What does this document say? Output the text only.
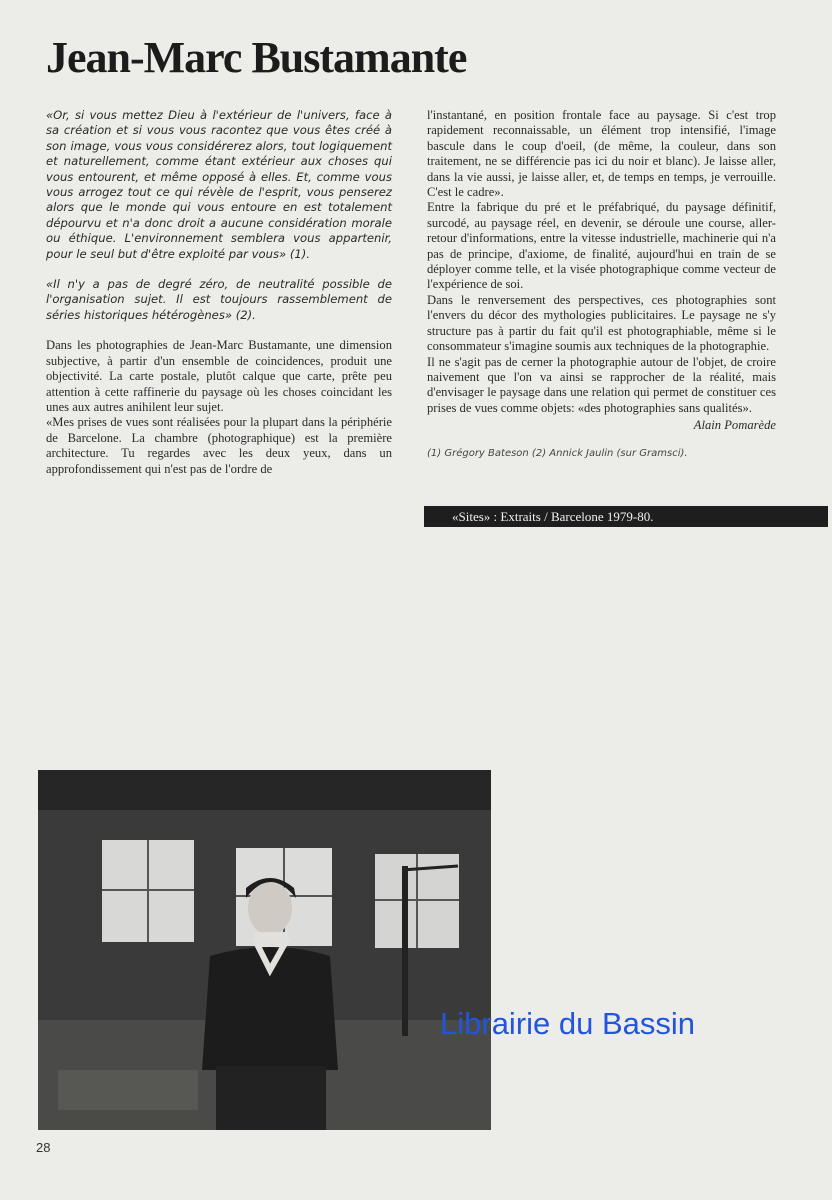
Jean-Marc Bustamante

«Or, si vous mettez Dieu à l'extérieur de l'univers, face à sa création et si vous vous racontez que vous êtes créé à son image, vous vous considérerez alors, tout logiquement et naturellement, comme étant extérieur aux choses qui vous entourent, et même opposé à elles. Et, comme vous vous arrogez tout ce qui révèle de l'esprit, vous penserez alors que le monde qui vous entoure en est totalement dépourvu et n'a donc droit a aucune considération morale ou éthique. L'environnement semblera vous appartenir, pour le seul but d'être exploité par vous» (1).

«Il n'y a pas de degré zéro, de neutralité possible de l'organisation sujet. Il est toujours rassemblement de séries historiques hétérogènes» (2).

Dans les photographies de Jean-Marc Bustamante, une dimension subjective, à partir d'un ensemble de coincidences, produit une objectivité. La carte postale, plutôt calque que carte, prête peu attention à cette raffinerie du paysage où les choses coincidant les unes aux autres anihilent leur sujet.

«Mes prises de vues sont réalisées pour la plupart dans la périphérie de Barcelone. La chambre (photographique) est la première architecture. Tu regardes avec les deux yeux, dans un approfondissement qui n'est pas de l'ordre de

l'instantané, en position frontale face au paysage. Si c'est trop rapidement reconnaissable, un élément trop intensifié, l'image bascule dans le coup d'oeil, (de même, la couleur, dans son traitement, ne se différencie pas ici du noir et blanc). Je laisse aller, dans la vie aussi, je laisse aller, et, de temps en temps, je verrouille. C'est le cadre».

Entre la fabrique du pré et le préfabriqué, du paysage définitif, surcodé, au paysage réel, en devenir, se déroule une course, aller-retour d'informations, entre la vitesse industrielle, machinerie qui n'a pas de principe, d'axiome, de finalité, aujourd'hui en train de se déployer comme telle, et la visée photographique comme vecteur de l'expérience de soi.

Dans le renversement des perspectives, ces photographies sont l'envers du décor des mythologies publicitaires. Le paysage ne s'y structure pas à partir du fait qu'il est photographiable, même si le consommateur s'imagine soumis aux techniques de la photographie.

Il ne s'agit pas de cerner la photographie autour de l'objet, de croire naivement que l'on va ainsi se rapprocher de la réalité, mais d'envisager le paysage dans une relation qui permet de constituer ces prises de vues comme objets: «des photographies sans qualités».

Alain Pomarède

(1) Grégory Bateson (2) Annick Jaulin (sur Gramsci).

«Sites» : Extraits / Barcelone 1979-80.
Librairie du Bassin
28
